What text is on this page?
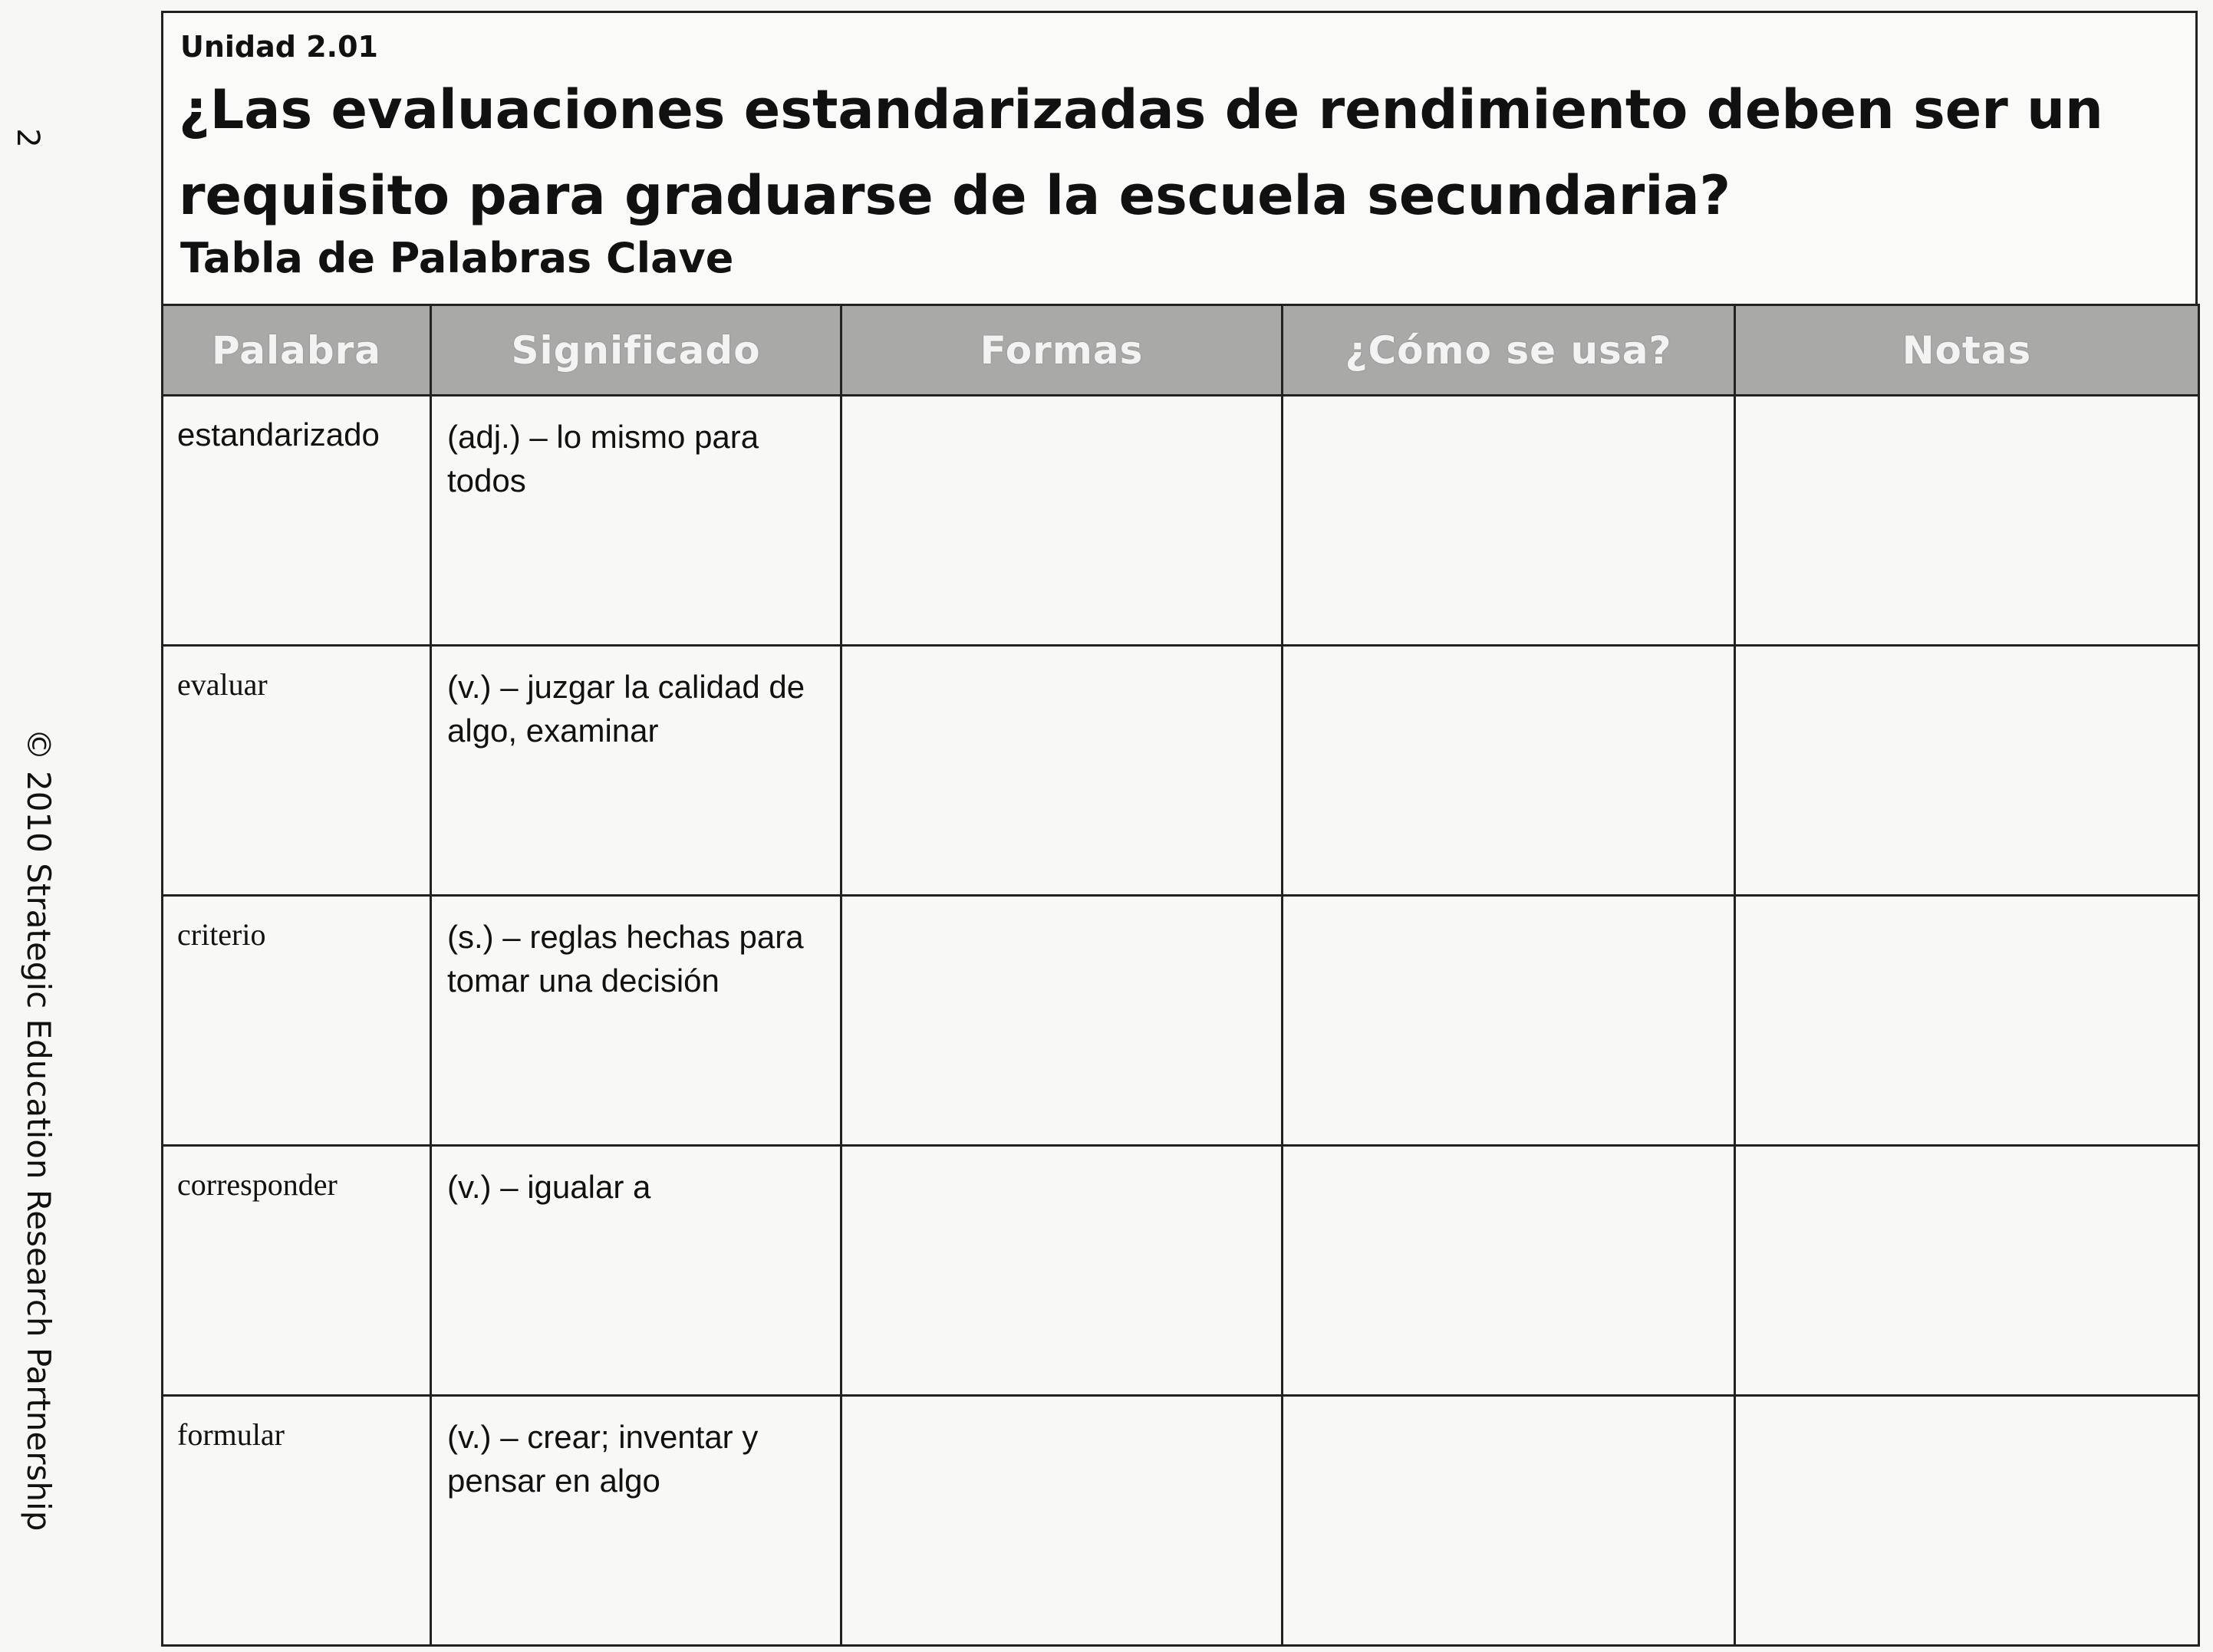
2
© 2010 Strategic Education Research Partnership
Unidad 2.01
¿Las evaluaciones estandarizadas de rendimiento deben ser un requisito para graduarse de la escuela secundaria?
Tabla de Palabras Clave
Palabra	Significado	Formas	¿Cómo se usa?	Notas
estandarizado	(adj.) – lo mismo para todos			
evaluar	(v.) – juzgar la calidad de algo, examinar			
criterio	(s.) – reglas hechas para tomar una decisión			
corresponder	(v.) – igualar a			
formular	(v.) – crear; inventar y pensar en algo			
